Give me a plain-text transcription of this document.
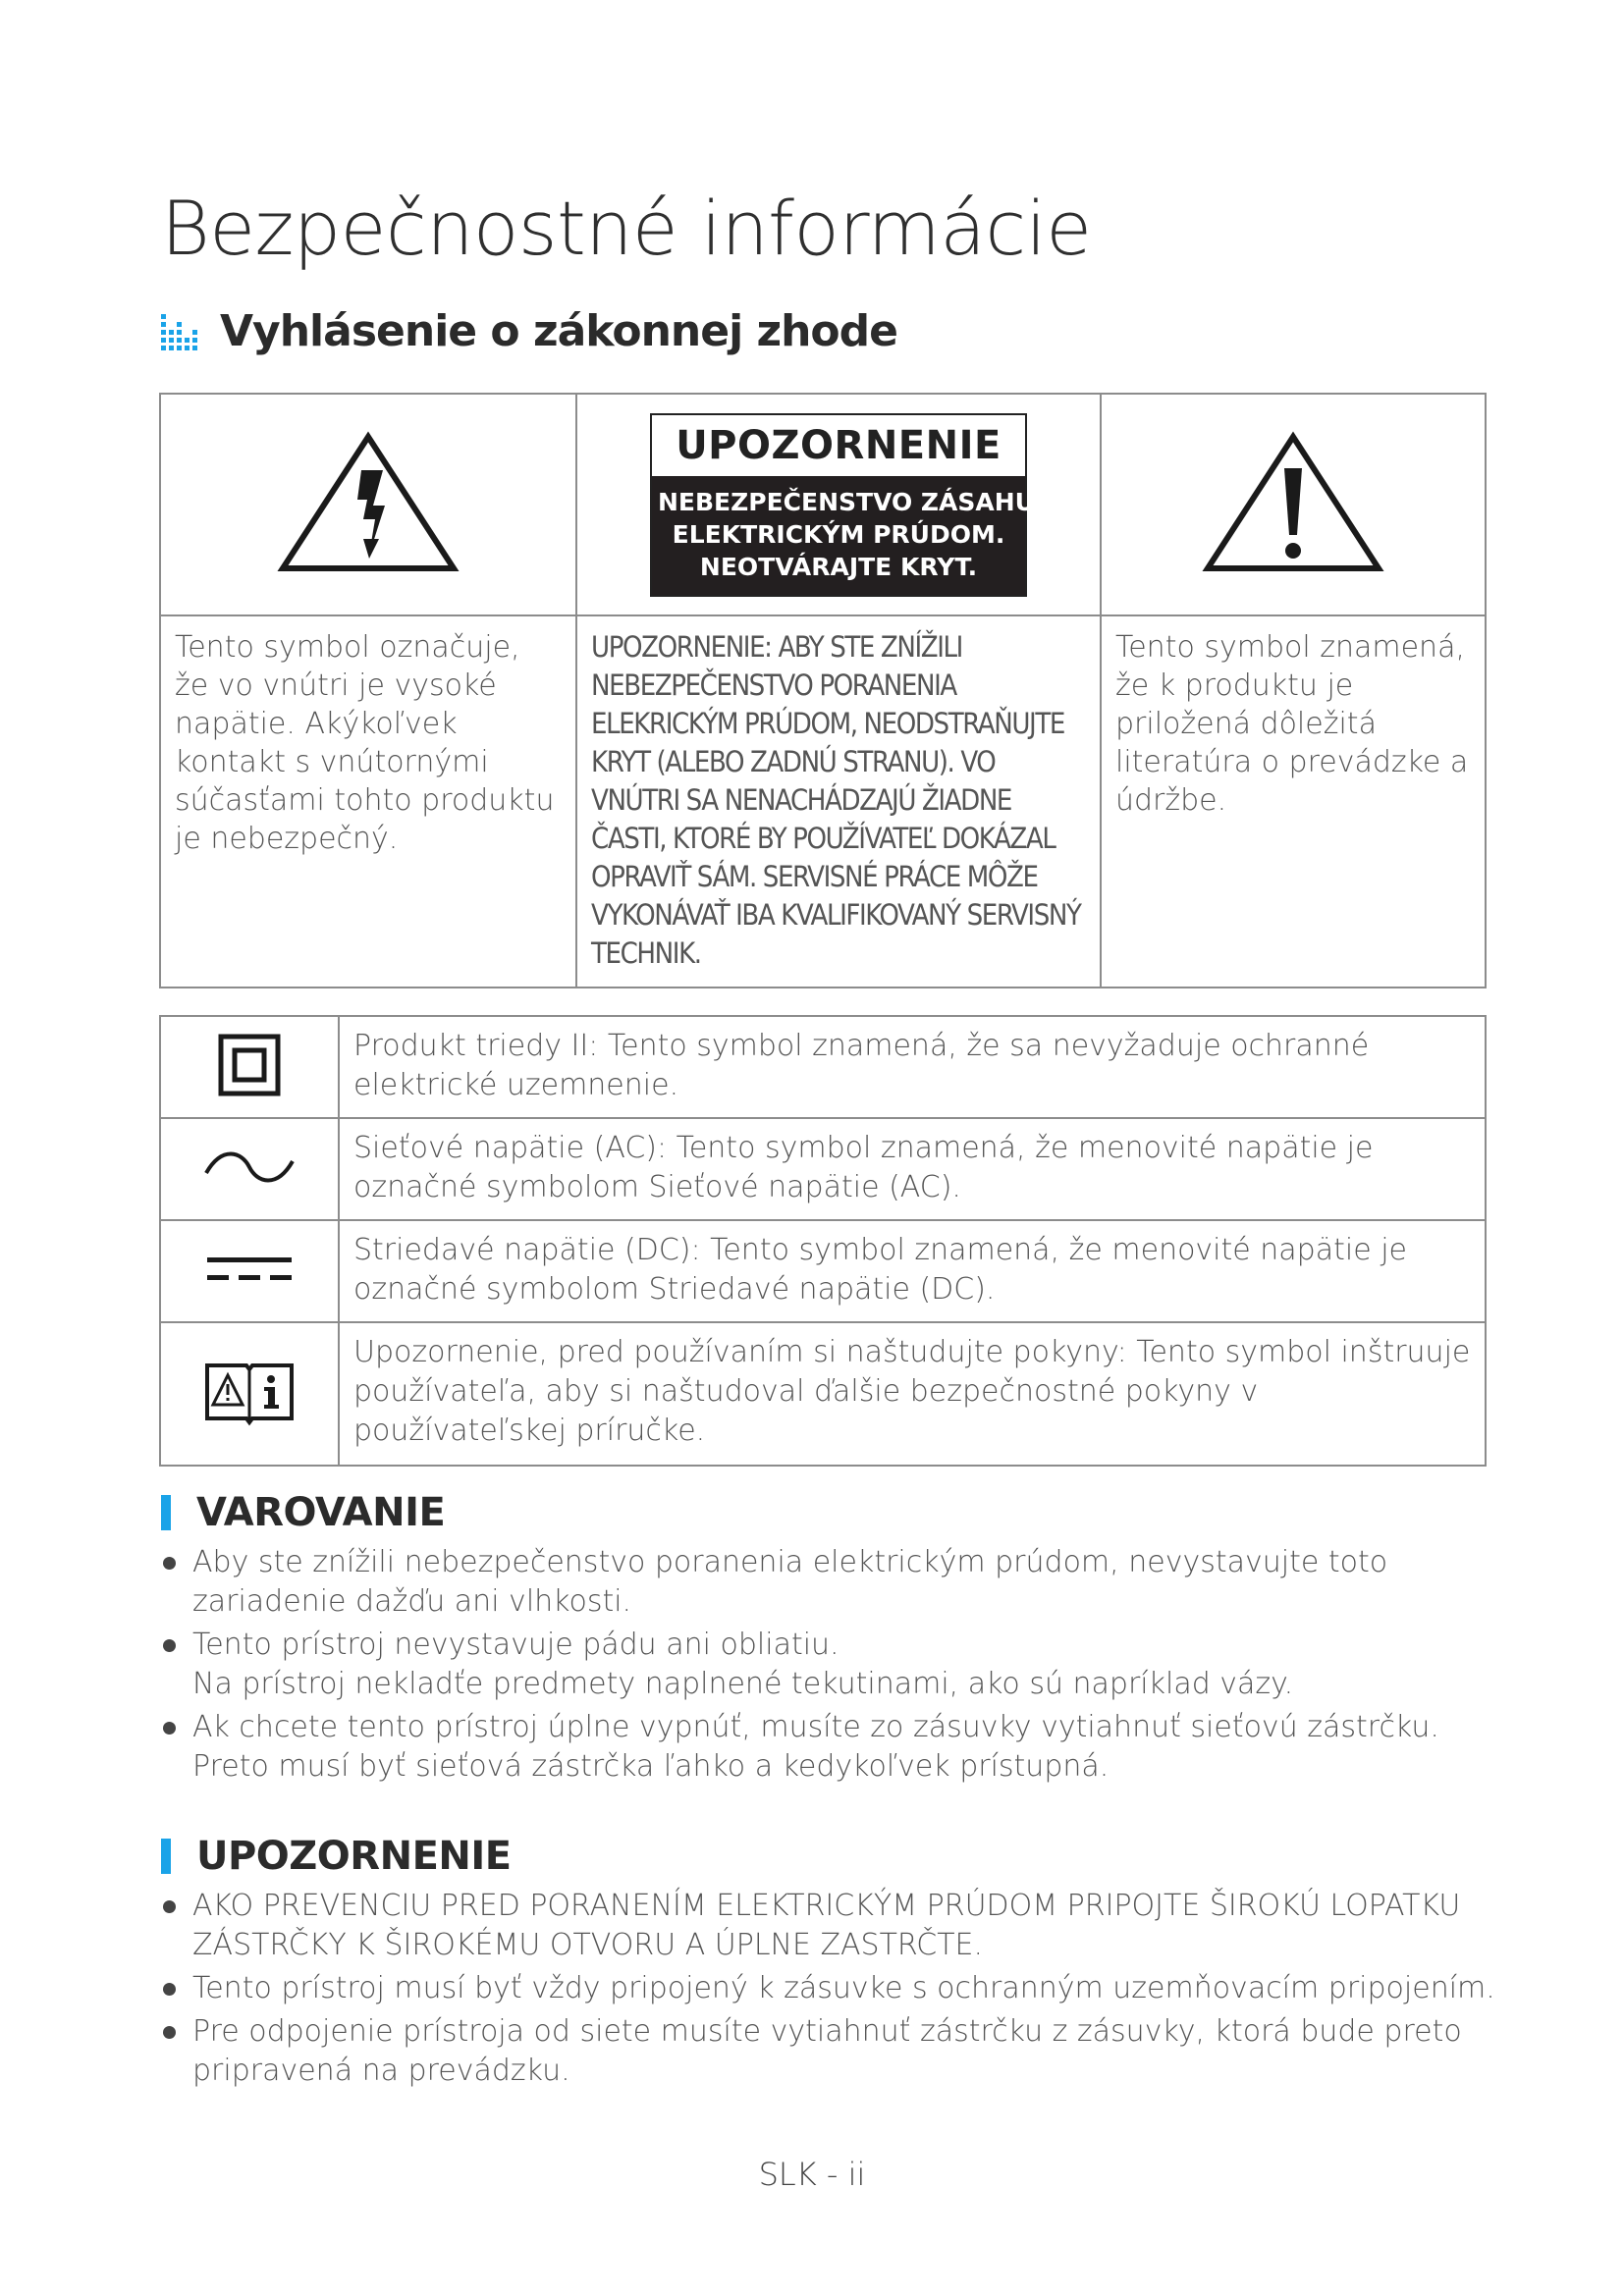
Bezpečnostné informácie
Vyhlásenie o zákonnej zhode

UPOZORNENIE
NEBEZPEČENSTVO ZÁSAHU
ELEKTRICKÝM PRÚDOM.
NEOTVÁRAJTE KRYT.

Tento symbol označuje, že vo vnútri je vysoké napätie. Akýkoľvek kontakt s vnútornými súčasťami tohto produktu je nebezpečný.	UPOZORNENIE: ABY STE ZNÍŽILI NEBEZPEČENSTVO PORANENIA ELEKRICKÝM PRÚDOM, NEODSTRAŇUJTE KRYT (ALEBO ZADNÚ STRANU). VO VNÚTRI SA NENACHÁDZAJÚ ŽIADNE ČASTI, KTORÉ BY POUŽÍVATEĽ DOKÁZAL OPRAVIŤ SÁM. SERVISNÉ PRÁCE MÔŽE VYKONÁVAŤ IBA KVALIFIKOVANÝ SERVISNÝ TECHNIK.	Tento symbol znamená, že k produktu je priložená dôležitá literatúra o prevádzke a údržbe.
	Produkt triedy II: Tento symbol znamená, že sa nevyžaduje ochranné elektrické uzemnenie.
	Sieťové napätie (AC): Tento symbol znamená, že menovité napätie je označné symbolom Sieťové napätie (AC).
	Striedavé napätie (DC): Tento symbol znamená, že menovité napätie je označné symbolom Striedavé napätie (DC).
	Upozornenie, pred používaním si naštudujte pokyny: Tento symbol inštruuje používateľa, aby si naštudoval ďalšie bezpečnostné pokyny v používateľskej príručke.
VAROVANIE
Aby ste znížili nebezpečenstvo poranenia elektrickým prúdom, nevystavujte toto zariadenie dažďu ani vlhkosti.
Tento prístroj nevystavuje pádu ani obliatiu.
Na prístroj nekladťe predmety naplnené tekutinami, ako sú napríklad vázy.
Ak chcete tento prístroj úplne vypnúť, musíte zo zásuvky vytiahnuť sieťovú zástrčku. Preto musí byť sieťová zástrčka ľahko a kedykoľvek prístupná.
UPOZORNENIE
AKO PREVENCIU PRED PORANENÍM ELEKTRICKÝM PRÚDOM PRIPOJTE ŠIROKÚ LOPATKU ZÁSTRČKY K ŠIROKÉMU OTVORU A ÚPLNE ZASTRČTE.
Tento prístroj musí byť vždy pripojený k zásuvke s ochranným uzemňovacím pripojením.
Pre odpojenie prístroja od siete musíte vytiahnuť zástrčku z zásuvky, ktorá bude preto pripravená na prevádzku.
SLK - ii
